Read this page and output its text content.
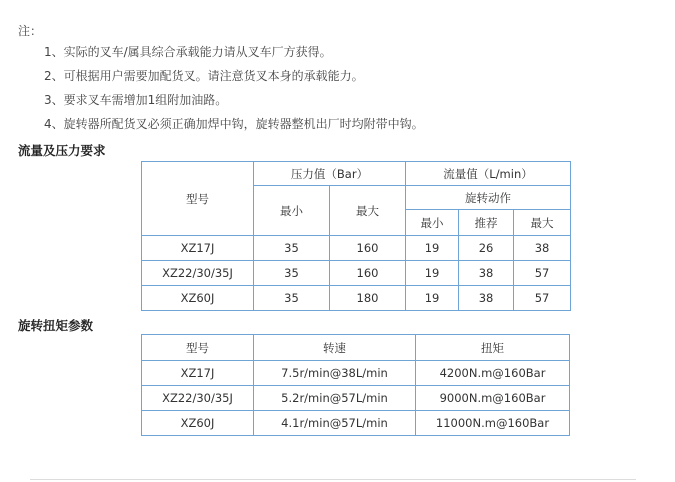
注：
1、实际的叉车/属具综合承载能力请从叉车厂方获得。
2、可根据用户需要加配货叉。请注意货叉本身的承载能力。
3、要求叉车需增加1组附加油路。
4、旋转器所配货叉必须正确加焊中钩，旋转器整机出厂时均附带中钩。
流量及压力要求
型号	压力值（Bar）		流量值（L/min）		
	最小	最大	旋转动作		
			最小	推荐	最大
XZ17J	35	160	19	26	38
XZ22/30/35J	35	160	19	38	57
XZ60J	35	180	19	38	57
旋转扭矩参数
型号	转速	扭矩
XZ17J	7.5r/min@38L/min	4200N.m@160Bar
XZ22/30/35J	5.2r/min@57L/min	9000N.m@160Bar
XZ60J	4.1r/min@57L/min	11000N.m@160Bar
